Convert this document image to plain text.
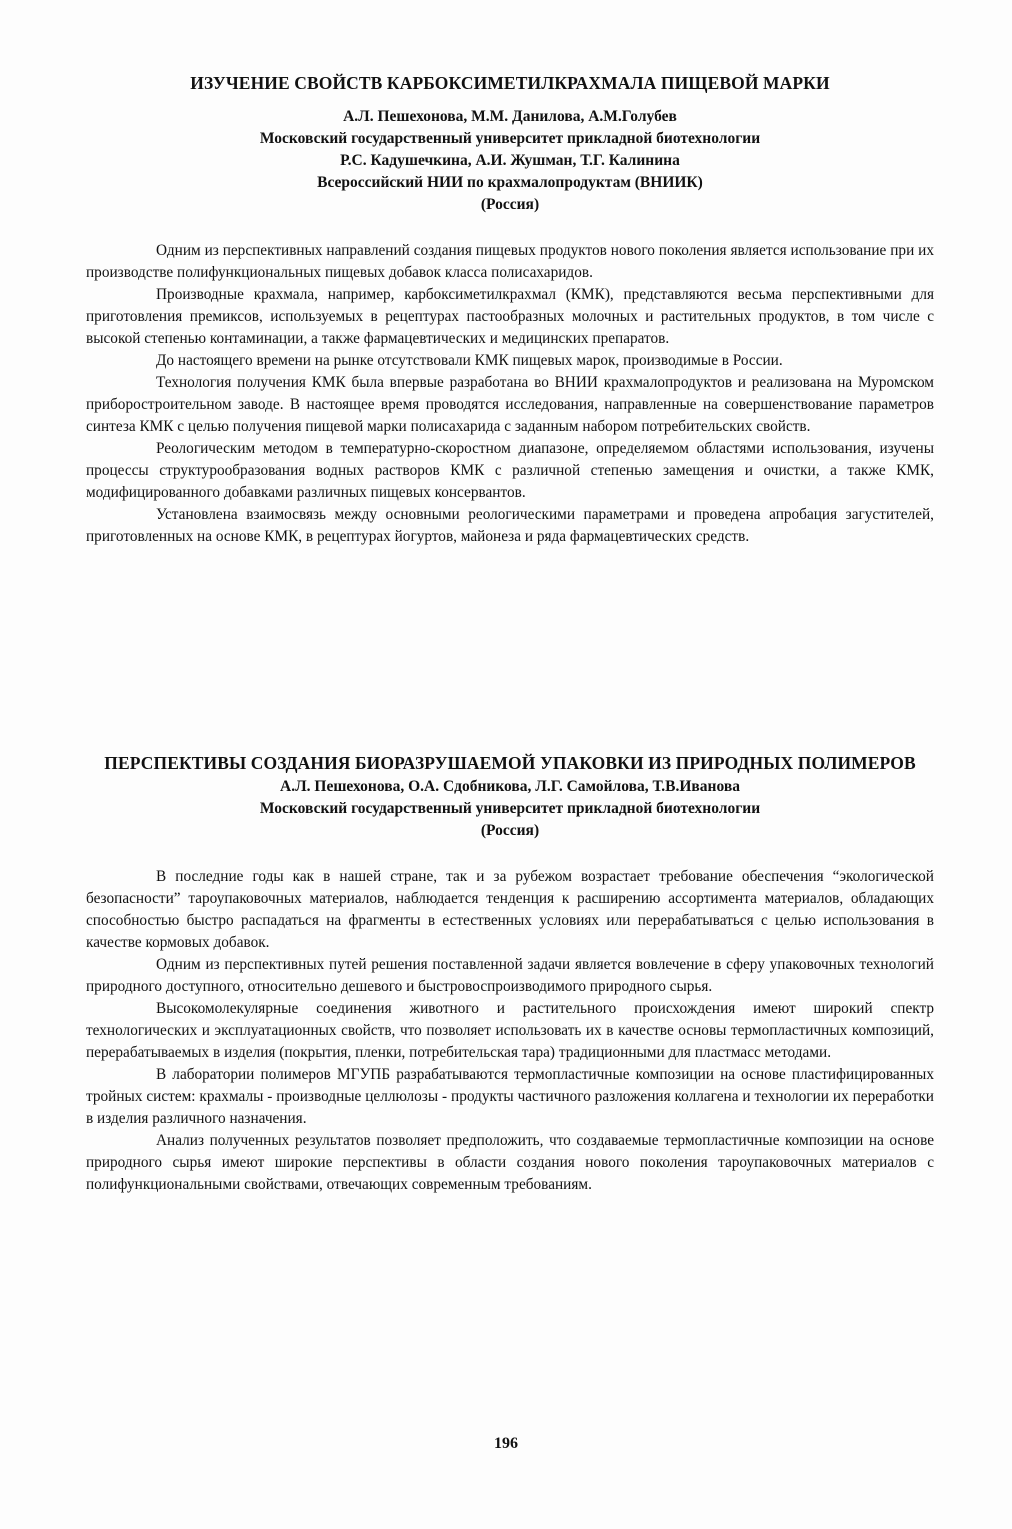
ИЗУЧЕНИЕ СВОЙСТВ КАРБОКСИМЕТИЛКРАХМАЛА ПИЩЕВОЙ МАРКИ
А.Л. Пешехонова, М.М. Данилова, А.М.Голубев
Московский государственный университет прикладной биотехнологии
Р.С. Кадушечкина, А.И. Жушман, Т.Г. Калинина
Всероссийский НИИ по крахмалопродуктам (ВНИИК)
(Россия)

Одним из перспективных направлений создания пищевых продуктов нового поколения является использование при их производстве полифункциональных пищевых добавок класса полисахаридов.

Производные крахмала, например, карбоксиметилкрахмал (КМК), представляются весьма перспективными для приготовления премиксов, используемых в рецептурах пастообразных молочных и растительных продуктов, в том числе с высокой степенью контаминации, а также фармацевтических и медицинских препаратов.

До настоящего времени на рынке отсутствовали КМК пищевых марок, производимые в России.

Технология получения КМК была впервые разработана во ВНИИ крахмалопродуктов и реализована на Муромском приборостроительном заводе. В настоящее время проводятся исследования, направленные на совершенствование параметров синтеза КМК с целью получения пищевой марки полисахарида с заданным набором потребительских свойств.

Реологическим методом в температурно-скоростном диапазоне, определяемом областями использования, изучены процессы структурообразования водных растворов КМК с различной степенью замещения и очистки, а также КМК, модифицированного добавками различных пищевых консервантов.

Установлена взаимосвязь между основными реологическими параметрами и проведена апробация загустителей, приготовленных на основе КМК, в рецептурах йогуртов, майонеза и ряда фармацевтических средств.

ПЕРСПЕКТИВЫ СОЗДАНИЯ БИОРАЗРУШАЕМОЙ УПАКОВКИ ИЗ ПРИРОДНЫХ ПОЛИМЕРОВ
А.Л. Пешехонова, О.А. Сдобникова, Л.Г. Самойлова, Т.В.Иванова
Московский государственный университет прикладной биотехнологии
(Россия)

В последние годы как в нашей стране, так и за рубежом возрастает требование обеспечения “экологической безопасности” тароупаковочных материалов, наблюдается тенденция к расширению ассортимента материалов, обладающих способностью быстро распадаться на фрагменты в естественных условиях или перерабатываться с целью использования в качестве кормовых добавок.

Одним из перспективных путей решения поставленной задачи является вовлечение в сферу упаковочных технологий природного доступного, относительно дешевого и быстровоспроизводимого природного сырья.

Высокомолекулярные соединения животного и растительного происхождения имеют широкий спектр технологических и эксплуатационных свойств, что позволяет использовать их в качестве основы термопластичных композиций, перерабатываемых в изделия (покрытия, пленки, потребительская тара) традиционными для пластмасс методами.

В лаборатории полимеров МГУПБ разрабатываются термопластичные композиции на основе пластифицированных тройных систем: крахмалы - производные целлюлозы - продукты частичного разложения коллагена и технологии их переработки в изделия различного назначения.

Анализ полученных результатов позволяет предположить, что создаваемые термопластичные композиции на основе природного сырья имеют широкие перспективы в области создания нового поколения тароупаковочных материалов с полифункциональными свойствами, отвечающих современным требованиям.

196
